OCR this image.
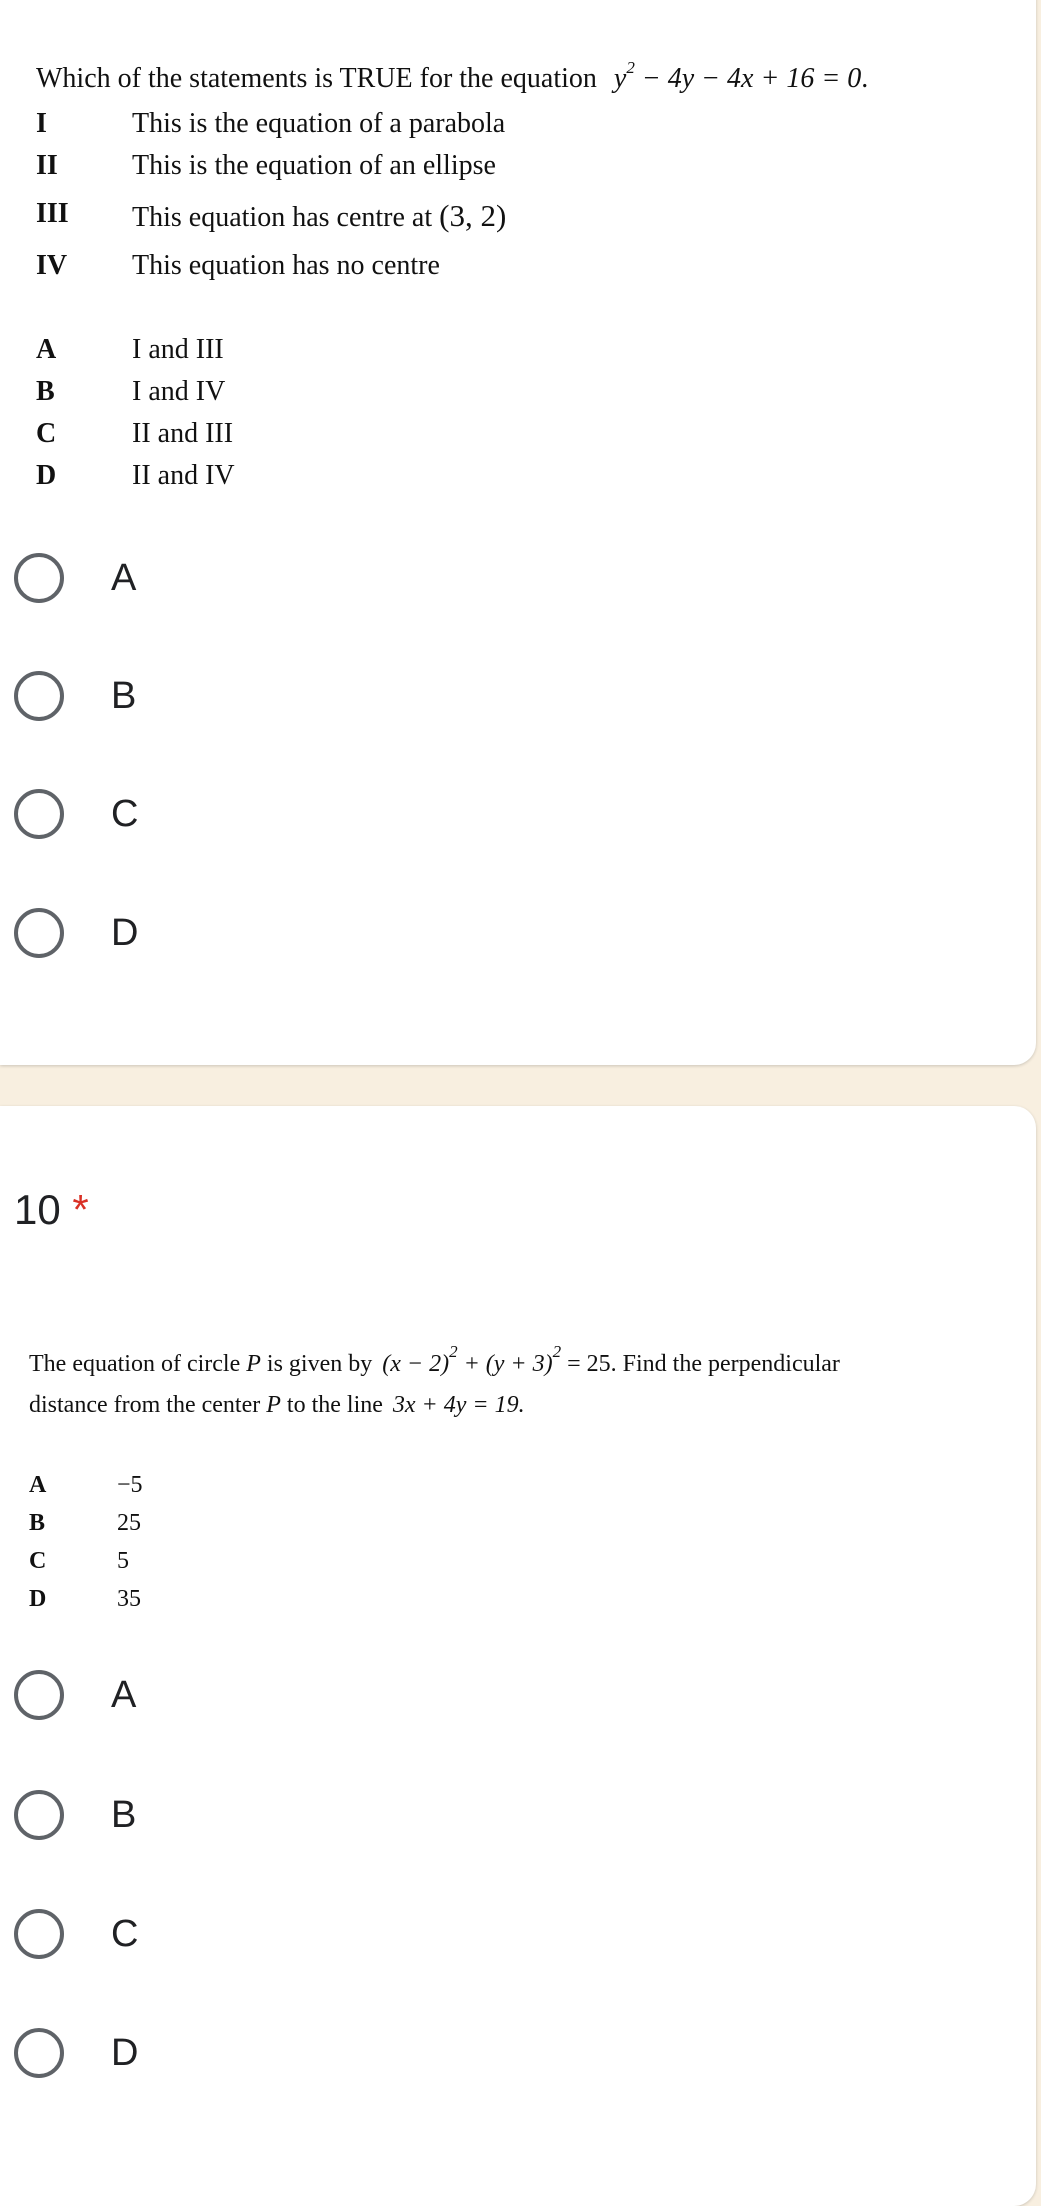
Which of the statements is TRUE for the equation $y^2 - 4y - 4x + 16 = 0$.
I	This is the equation of a parabola
II	This is the equation of an ellipse
III This equation has centre at (3, 2)
IV This equation has no centre
A	I and III
B	I and IV
C	II and III
D	II and IV
A
B
C
D
10 *
The equation of circle P is given by $(x - 2)^2 + (y + 3)^2 = 25$. Find the perpendicular
distance from the center P to the line 3x + 4y = 19.
A	−5
B	25
C	5
D	35
A
B
C
D
